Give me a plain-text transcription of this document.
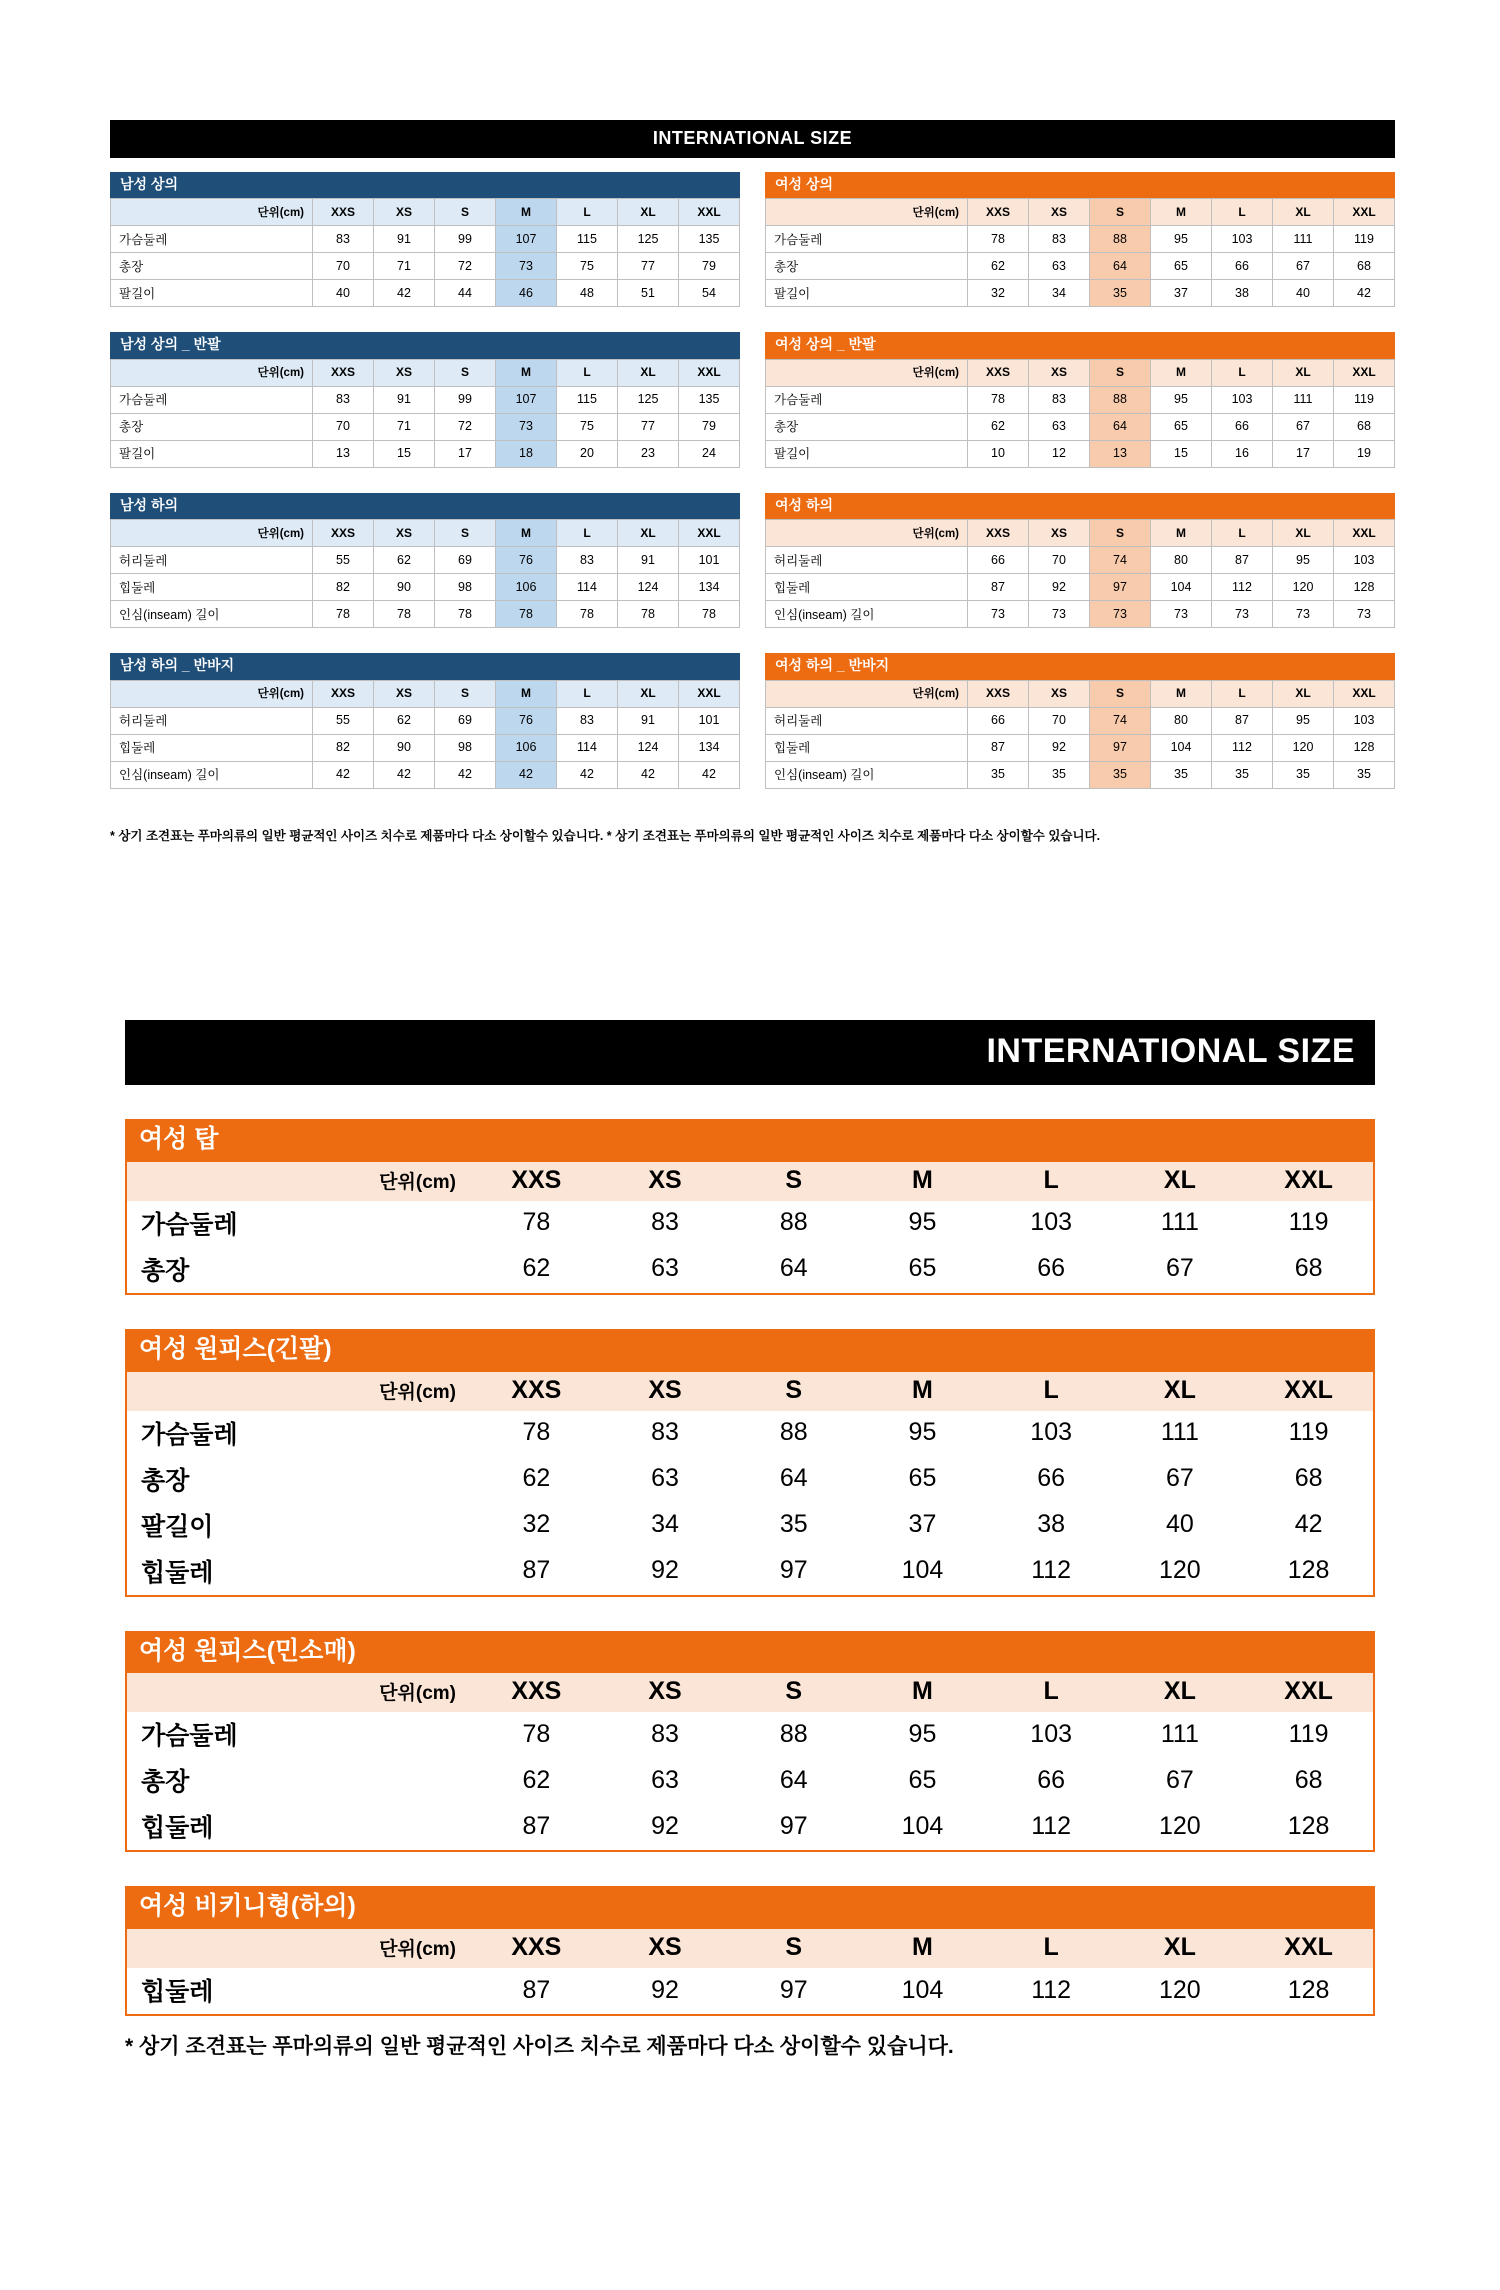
INTERNATIONAL SIZE
남성 상의
단위(cm)	XXS	XS	S	M	L	XL	XXL
가슴둘레	83	91	99	107	115	125	135
총장	70	71	72	73	75	77	79
팔길이	40	42	44	46	48	51	54
남성 상의 _ 반팔
단위(cm)	XXS	XS	S	M	L	XL	XXL
가슴둘레	83	91	99	107	115	125	135
총장	70	71	72	73	75	77	79
팔길이	13	15	17	18	20	23	24
남성 하의
단위(cm)	XXS	XS	S	M	L	XL	XXL
허리둘레	55	62	69	76	83	91	101
힙둘레	82	90	98	106	114	124	134
인심(inseam) 길이	78	78	78	78	78	78	78
남성 하의 _ 반바지
단위(cm)	XXS	XS	S	M	L	XL	XXL
허리둘레	55	62	69	76	83	91	101
힙둘레	82	90	98	106	114	124	134
인심(inseam) 길이	42	42	42	42	42	42	42
여성 상의
단위(cm)	XXS	XS	S	M	L	XL	XXL
가슴둘레	78	83	88	95	103	111	119
총장	62	63	64	65	66	67	68
팔길이	32	34	35	37	38	40	42
여성 상의 _ 반팔
단위(cm)	XXS	XS	S	M	L	XL	XXL
가슴둘레	78	83	88	95	103	111	119
총장	62	63	64	65	66	67	68
팔길이	10	12	13	15	16	17	19
여성 하의
단위(cm)	XXS	XS	S	M	L	XL	XXL
허리둘레	66	70	74	80	87	95	103
힙둘레	87	92	97	104	112	120	128
인심(inseam) 길이	73	73	73	73	73	73	73
여성 하의 _ 반바지
단위(cm)	XXS	XS	S	M	L	XL	XXL
허리둘레	66	70	74	80	87	95	103
힙둘레	87	92	97	104	112	120	128
인심(inseam) 길이	35	35	35	35	35	35	35
* 상기 조견표는 푸마의류의 일반 평균적인 사이즈 치수로 제품마다 다소 상이할수 있습니다. * 상기 조견표는 푸마의류의 일반 평균적인 사이즈 치수로 제품마다 다소 상이할수 있습니다.
INTERNATIONAL SIZE
여성 탑
단위(cm)	XXS	XS	S	M	L	XL	XXL
가슴둘레	78	83	88	95	103	111	119
총장	62	63	64	65	66	67	68
여성 원피스(긴팔)
단위(cm)	XXS	XS	S	M	L	XL	XXL
가슴둘레	78	83	88	95	103	111	119
총장	62	63	64	65	66	67	68
팔길이	32	34	35	37	38	40	42
힙둘레	87	92	97	104	112	120	128
여성 원피스(민소매)
단위(cm)	XXS	XS	S	M	L	XL	XXL
가슴둘레	78	83	88	95	103	111	119
총장	62	63	64	65	66	67	68
힙둘레	87	92	97	104	112	120	128
여성 비키니형(하의)
단위(cm)	XXS	XS	S	M	L	XL	XXL
힙둘레	87	92	97	104	112	120	128
* 상기 조견표는 푸마의류의 일반 평균적인 사이즈 치수로 제품마다 다소 상이할수 있습니다.
